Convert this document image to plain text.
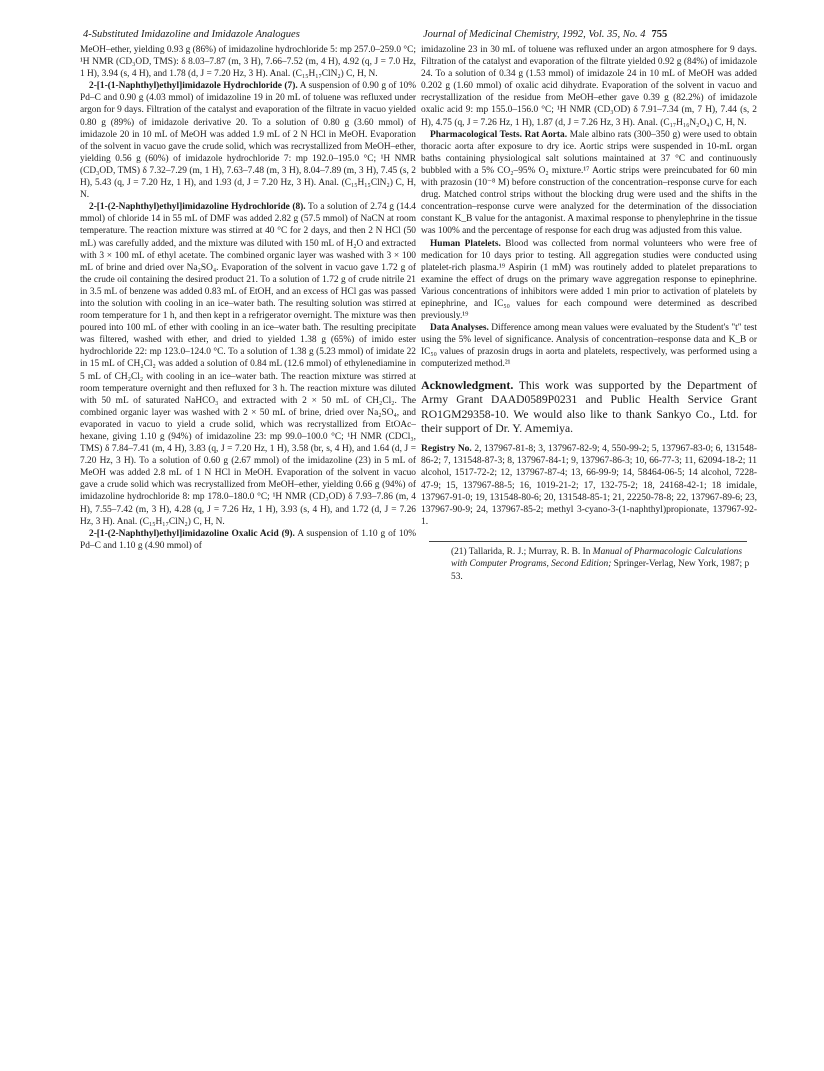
4-Substituted Imidazoline and Imidazole Analogues	Journal of Medicinal Chemistry, 1992, Vol. 35, No. 4 755

MeOH–ether, yielding 0.93 g (86%) of imidazoline hydrochloride 5: mp 257.0–259.0 °C; ¹H NMR (CD₃OD, TMS): δ 8.03–7.87 (m, 3 H), 7.66–7.52 (m, 4 H), 4.92 (q, J = 7.0 Hz, 1 H), 3.94 (s, 4 H), and 1.78 (d, J = 7.20 Hz, 3 H). Anal. (C₁₅H₁₇ClN₂) C, H, N.

2-[1-(1-Naphthyl)ethyl]imidazole Hydrochloride (7). A suspension of 0.90 g of 10% Pd–C and 0.90 g (4.03 mmol) of imidazoline 19 in 20 mL of toluene was refluxed under argon for 9 days. Filtration of the catalyst and evaporation of the filtrate in vacuo yielded 0.80 g (89%) of imidazole derivative 20. To a solution of 0.80 g (3.60 mmol) of imidazole 20 in 10 mL of MeOH was added 1.9 mL of 2 N HCl in MeOH. Evaporation of the solvent in vacuo gave the crude solid, which was recrystallized from MeOH–ether, yielding 0.56 g (60%) of imidazole hydrochloride 7: mp 192.0–195.0 °C; ¹H NMR (CD₃OD, TMS) δ 7.32–7.29 (m, 1 H), 7.63–7.48 (m, 3 H), 8.04–7.89 (m, 3 H), 7.45 (s, 2 H), 5.43 (q, J = 7.20 Hz, 1 H), and 1.93 (d, J = 7.20 Hz, 3 H). Anal. (C₁₅H₁₅ClN₂) C, H, N.

2-[1-(2-Naphthyl)ethyl]imidazoline Hydrochloride (8). To a solution of 2.74 g (14.4 mmol) of chloride 14 in 55 mL of DMF was added 2.82 g (57.5 mmol) of NaCN at room temperature. The reaction mixture was stirred at 40 °C for 2 days, and then 2 N HCl (50 mL) was carefully added, and the mixture was diluted with 150 mL of H₂O and extracted with 3 × 100 mL of ethyl acetate. The combined organic layer was washed with 3 × 100 mL of brine and dried over Na₂SO₄. Evaporation of the solvent in vacuo gave 1.72 g of the crude oil containing the desired product 21. To a solution of 1.72 g of crude nitrile 21 in 3.5 mL of benzene was added 0.83 mL of EtOH, and an excess of HCl gas was passed into the solution with cooling in an ice–water bath. The resulting solution was stirred at room temperature for 1 h, and then kept in a refrigerator overnight. The mixture was then poured into 100 mL of ether with cooling in an ice–water bath. The resulting precipitate was filtered, washed with ether, and dried to yielded 1.38 g (65%) of imido ester hydrochloride 22: mp 123.0–124.0 °C. To a solution of 1.38 g (5.23 mmol) of imidate 22 in 15 mL of CH₂Cl₂ was added a solution of 0.84 mL (12.6 mmol) of ethylenediamine in 5 mL of CH₂Cl₂ with cooling in an ice–water bath. The reaction mixture was stirred at room temperature overnight and then refluxed for 3 h. The reaction mixture was diluted with 50 mL of saturated NaHCO₃ and extracted with 2 × 50 mL of CH₂Cl₂. The combined organic layer was washed with 2 × 50 mL of brine, dried over Na₂SO₄, and evaporated in vacuo to yield a crude solid, which was recrystallized from EtOAc–hexane, giving 1.10 g (94%) of imidazoline 23: mp 99.0–100.0 °C; ¹H NMR (CDCl₃, TMS) δ 7.84–7.41 (m, 4 H), 3.83 (q, J = 7.20 Hz, 1 H), 3.58 (br, s, 4 H), and 1.64 (d, J = 7.20 Hz, 3 H). To a solution of 0.60 g (2.67 mmol) of the imidazoline (23) in 5 mL of MeOH was added 2.8 mL of 1 N HCl in MeOH. Evaporation of the solvent in vacuo gave a crude solid which was recrystallized from MeOH–ether, yielding 0.66 g (94%) of imidazoline hydrochloride 8: mp 178.0–180.0 °C; ¹H NMR (CD₃OD) δ 7.93–7.86 (m, 4 H), 7.55–7.42 (m, 3 H), 4.28 (q, J = 7.26 Hz, 1 H), 3.93 (s, 4 H), and 1.72 (d, J = 7.26 Hz, 3 H). Anal. (C₁₅H₁₇ClN₂) C, H, N.

2-[1-(2-Naphthyl)ethyl]imidazoline Oxalic Acid (9). A suspension of 1.10 g of 10% Pd–C and 1.10 g (4.90 mmol) of

imidazoline 23 in 30 mL of toluene was refluxed under an argon atmosphere for 9 days. Filtration of the catalyst and evaporation of the filtrate yielded 0.92 g (84%) of imidazole 24. To a solution of 0.34 g (1.53 mmol) of imidazole 24 in 10 mL of MeOH was added 0.202 g (1.60 mmol) of oxalic acid dihydrate. Evaporation of the solvent in vacuo and recrystallization of the residue from MeOH–ether gave 0.39 g (82.2%) of imidazole oxalic acid 9: mp 155.0–156.0 °C; ¹H NMR (CD₃OD) δ 7.91–7.34 (m, 7 H), 7.44 (s, 2 H), 4.75 (q, J = 7.26 Hz, 1 H), 1.87 (d, J = 7.26 Hz, 3 H). Anal. (C₁₇H₁₆N₂O₄) C, H, N.

Pharmacological Tests. Rat Aorta. Male albino rats (300–350 g) were used to obtain thoracic aorta after exposure to dry ice. Aortic strips were suspended in 10-mL organ baths containing physiological salt solutions maintained at 37 °C and continuously bubbled with a 5% CO₂–95% O₂ mixture.¹⁷ Aortic strips were preincubated for 60 min with prazosin (10⁻⁸ M) before construction of the concentration–response curve for each drug. Matched control strips without the blocking drug were used and the shifts in the concentration–response curve were analyzed for the determination of the dissociation constant K_B value for the antagonist. A maximal response to phenylephrine in the tissue was 100% and the percentage of response for each drug was adjusted from this value.

Human Platelets. Blood was collected from normal volunteers who were free of medication for 10 days prior to testing. All aggregation studies were conducted using platelet-rich plasma.¹⁹ Aspirin (1 mM) was routinely added to platelet preparations to examine the effect of drugs on the primary wave aggregation response to epinephrine. Various concentrations of inhibitors were added 1 min prior to activation of platelets by epinephrine, and IC₅₀ values for each compound were determined as described previously.¹⁹

Data Analyses. Difference among mean values were evaluated by the Student's "t" test using the 5% level of significance. Analysis of concentration–response data and K_B or IC₅₀ values of prazosin drugs in aorta and platelets, respectively, was performed using a computerized method.²¹

Acknowledgment. This work was supported by the Department of Army Grant DAAD0589P0231 and Public Health Service Grant RO1GM29358-10. We would also like to thank Sankyo Co., Ltd. for their support of Dr. Y. Amemiya.

Registry No. 2, 137967-81-8; 3, 137967-82-9; 4, 550-99-2; 5, 137967-83-0; 6, 131548-86-2; 7, 131548-87-3; 8, 137967-84-1; 9, 137967-86-3; 10, 66-77-3; 11, 62094-18-2; 11 alcohol, 1517-72-2; 12, 137967-87-4; 13, 66-99-9; 14, 58464-06-5; 14 alcohol, 7228-47-9; 15, 137967-88-5; 16, 1019-21-2; 17, 132-75-2; 18, 24168-42-1; 18 imidale, 137967-91-0; 19, 131548-80-6; 20, 131548-85-1; 21, 22250-78-8; 22, 137967-89-6; 23, 137967-90-9; 24, 137967-85-2; methyl 3-cyano-3-(1-naphthyl)propionate, 137967-92-1.

(21) Tallarida, R. J.; Murray, R. B. In Manual of Pharmacologic Calculations with Computer Programs, Second Edition; Springer-Verlag, New York, 1987; p 53.
